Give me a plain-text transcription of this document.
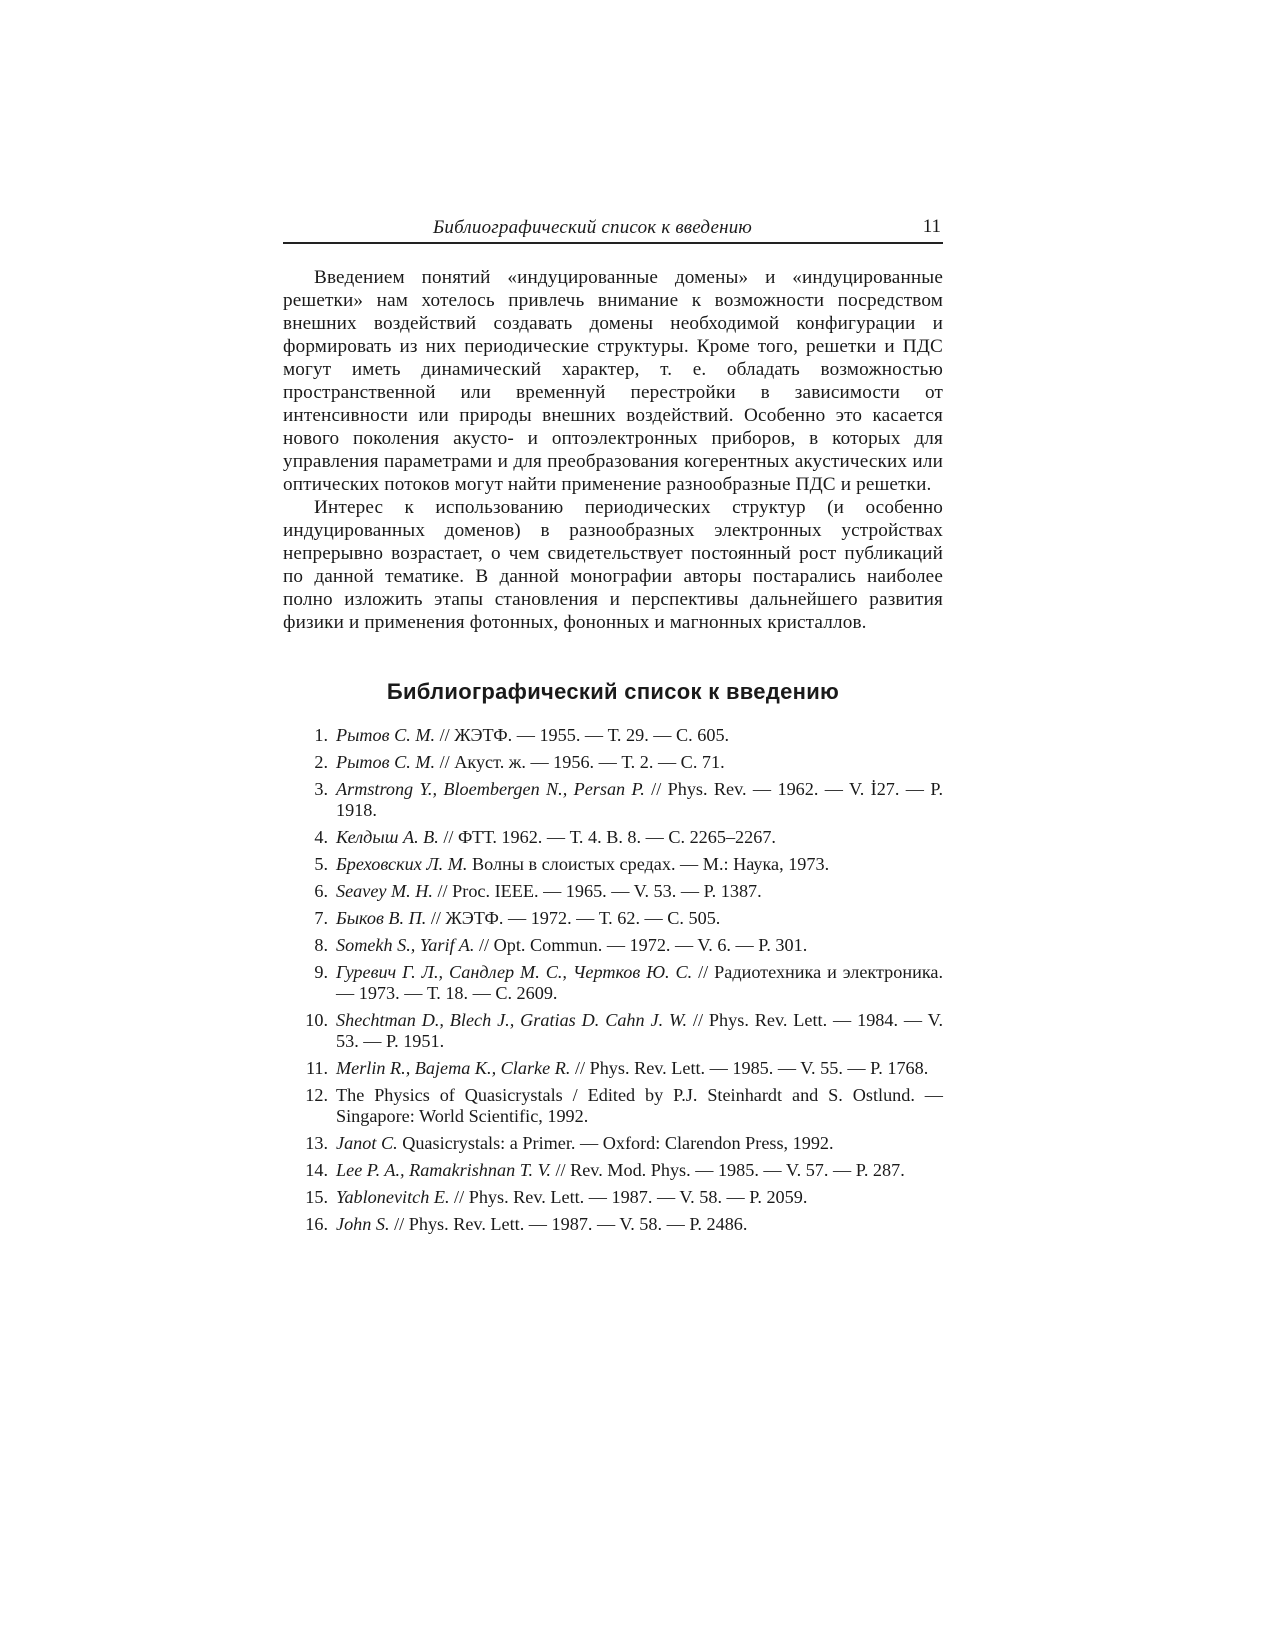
Библиографический список к введению	11

Введением понятий «индуцированные домены» и «индуцированные решетки» нам хотелось привлечь внимание к возможности посредством внешних воздействий создавать домены необходимой конфигурации и формировать из них периодические структуры. Кроме того, решетки и ПДС могут иметь динамический характер, т. е. обладать возможностью пространственной или временнуй перестройки в зависимости от интенсивности или природы внешних воздействий. Особенно это касается нового поколения акусто- и оптоэлектронных приборов, в которых для управления параметрами и для преобразования когерентных акустических или оптических потоков могут найти применение разнообразные ПДС и решетки.

Интерес к использованию периодических структур (и особенно индуцированных доменов) в разнообразных электронных устройствах непрерывно возрастает, о чем свидетельствует постоянный рост публикаций по данной тематике. В данной монографии авторы постарались наиболее полно изложить этапы становления и перспективы дальнейшего развития физики и применения фотонных, фононных и магнонных кристаллов.

Библиографический список к введению
1. Рытов С. М. // ЖЭТФ. — 1955. — Т. 29. — С. 605.
2. Рытов С. М. // Акуст. ж. — 1956. — Т. 2. — С. 71.
3. Armstrong Y., Bloembergen N., Persan P. // Phys. Rev. — 1962. — V. İ27. — P. 1918.
4. Келдыш А. В. // ФТТ. 1962. — Т. 4. В. 8. — С. 2265–2267.
5. Бреховских Л. М. Волны в слоистых средах. — М.: Наука, 1973.
6. Seavey M. H. // Proc. IEEE. — 1965. — V. 53. — P. 1387.
7. Быков В. П. // ЖЭТФ. — 1972. — Т. 62. — С. 505.
8. Somekh S., Yarif A. // Opt. Commun. — 1972. — V. 6. — P. 301.
9. Гуревич Г. Л., Сандлер М. С., Чертков Ю. С. // Радиотехника и электроника. — 1973. — Т. 18. — С. 2609.
10. Shechtman D., Blech J., Gratias D. Cahn J. W. // Phys. Rev. Lett. — 1984. — V. 53. — P. 1951.
11. Merlin R., Bajema K., Clarke R. // Phys. Rev. Lett. — 1985. — V. 55. — P. 1768.
12. The Physics of Quasicrystals / Edited by P.J. Steinhardt and S. Ostlund. — Singapore: World Scientific, 1992.
13. Janot C. Quasicrystals: a Primer. — Oxford: Clarendon Press, 1992.
14. Lee P. A., Ramakrishnan T. V. // Rev. Mod. Phys. — 1985. — V. 57. — P. 287.
15. Yablonevitch E. // Phys. Rev. Lett. — 1987. — V. 58. — P. 2059.
16. John S. // Phys. Rev. Lett. — 1987. — V. 58. — P. 2486.
